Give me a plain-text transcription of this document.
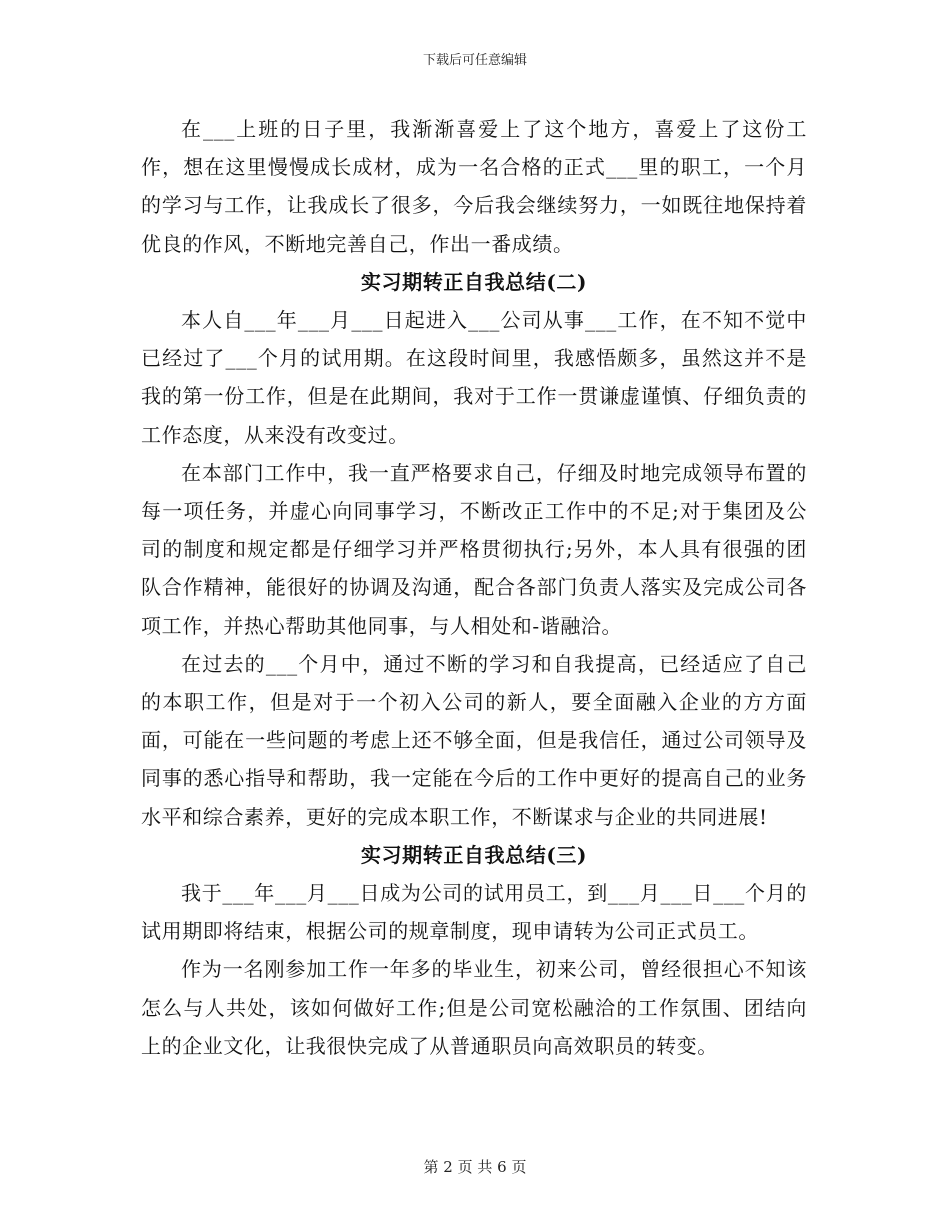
下载后可任意编辑

在___上班的日子里，我渐渐喜爱上了这个地方，喜爱上了这份工作，想在这里慢慢成长成材，成为一名合格的正式___里的职工，一个月的学习与工作，让我成长了很多，今后我会继续努力，一如既往地保持着优良的作风，不断地完善自己，作出一番成绩。

实习期转正自我总结(二)

本人自___年___月___日起进入___公司从事___工作，在不知不觉中已经过了___个月的试用期。在这段时间里，我感悟颇多，虽然这并不是我的第一份工作，但是在此期间，我对于工作一贯谦虚谨慎、仔细负责的工作态度，从来没有改变过。

在本部门工作中，我一直严格要求自己，仔细及时地完成领导布置的每一项任务，并虚心向同事学习，不断改正工作中的不足;对于集团及公司的制度和规定都是仔细学习并严格贯彻执行;另外，本人具有很强的团队合作精神，能很好的协调及沟通，配合各部门负责人落实及完成公司各项工作，并热心帮助其他同事，与人相处和-谐融洽。

在过去的___个月中，通过不断的学习和自我提高，已经适应了自己的本职工作，但是对于一个初入公司的新人，要全面融入企业的方方面面，可能在一些问题的考虑上还不够全面，但是我信任，通过公司领导及同事的悉心指导和帮助，我一定能在今后的工作中更好的提高自己的业务水平和综合素养，更好的完成本职工作，不断谋求与企业的共同进展!

实习期转正自我总结(三)

我于___年___月___日成为公司的试用员工，到___月___日___个月的试用期即将结束，根据公司的规章制度，现申请转为公司正式员工。

作为一名刚参加工作一年多的毕业生，初来公司，曾经很担心不知该怎么与人共处，该如何做好工作;但是公司宽松融洽的工作氛围、团结向上的企业文化，让我很快完成了从普通职员向高效职员的转变。

第 2 页 共 6 页
